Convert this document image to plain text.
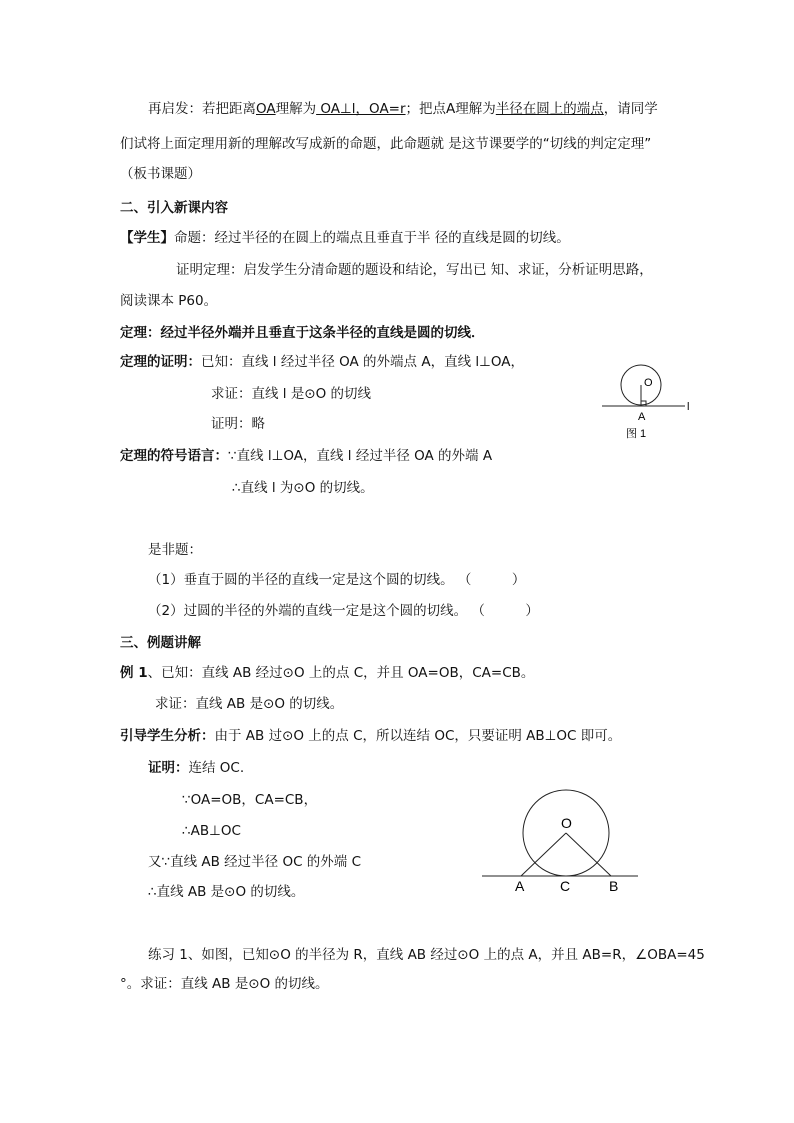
再启发：若把距离OA理解为 OA⊥l，OA=r；把点A理解为半径在圆上的端点，请同学
们试将上面定理用新的理解改写成新的命题，此命题就 是这节课要学的“切线的判定定理”
（板书课题）
二、引入新课内容
【学生】命题：经过半径的在圆上的端点且垂直于半 径的直线是圆的切线。
证明定理：启发学生分清命题的题设和结论，写出已 知、求证，分析证明思路，
阅读课本 P60。
定理：经过半径外端并且垂直于这条半径的直线是圆的切线．
定理的证明：已知：直线 l 经过半径 OA 的外端点 A，直线 l⊥OA，
求证：直线 l 是⊙O 的切线
证明：略
定理的符号语言：∵直线 l⊥OA，直线 l 经过半径 OA 的外端 A
∴直线 l 为⊙O 的切线。
O
A
l
图 1
是非题：
（1）垂直于圆的半径的直线一定是这个圆的切线。 （　　　）
（2）过圆的半径的外端的直线一定是这个圆的切线。 （　　　）
三、例题讲解
例 1、已知：直线 AB 经过⊙O 上的点 C，并且 OA=OB，CA=CB。
求证：直线 AB 是⊙O 的切线。
引导学生分析：由于 AB 过⊙O 上的点 C，所以连结 OC，只要证明 AB⊥OC 即可。
证明：连结 OC.
∵OA=OB，CA=CB，
∴AB⊥OC
又∵直线 AB 经过半径 OC 的外端 C
∴直线 AB 是⊙O 的切线。
O
A	C	B
练习 1、如图，已知⊙O 的半径为 R，直线 AB 经过⊙O 上的点 A，并且 AB=R，∠OBA=45
°。求证：直线 AB 是⊙O 的切线。
